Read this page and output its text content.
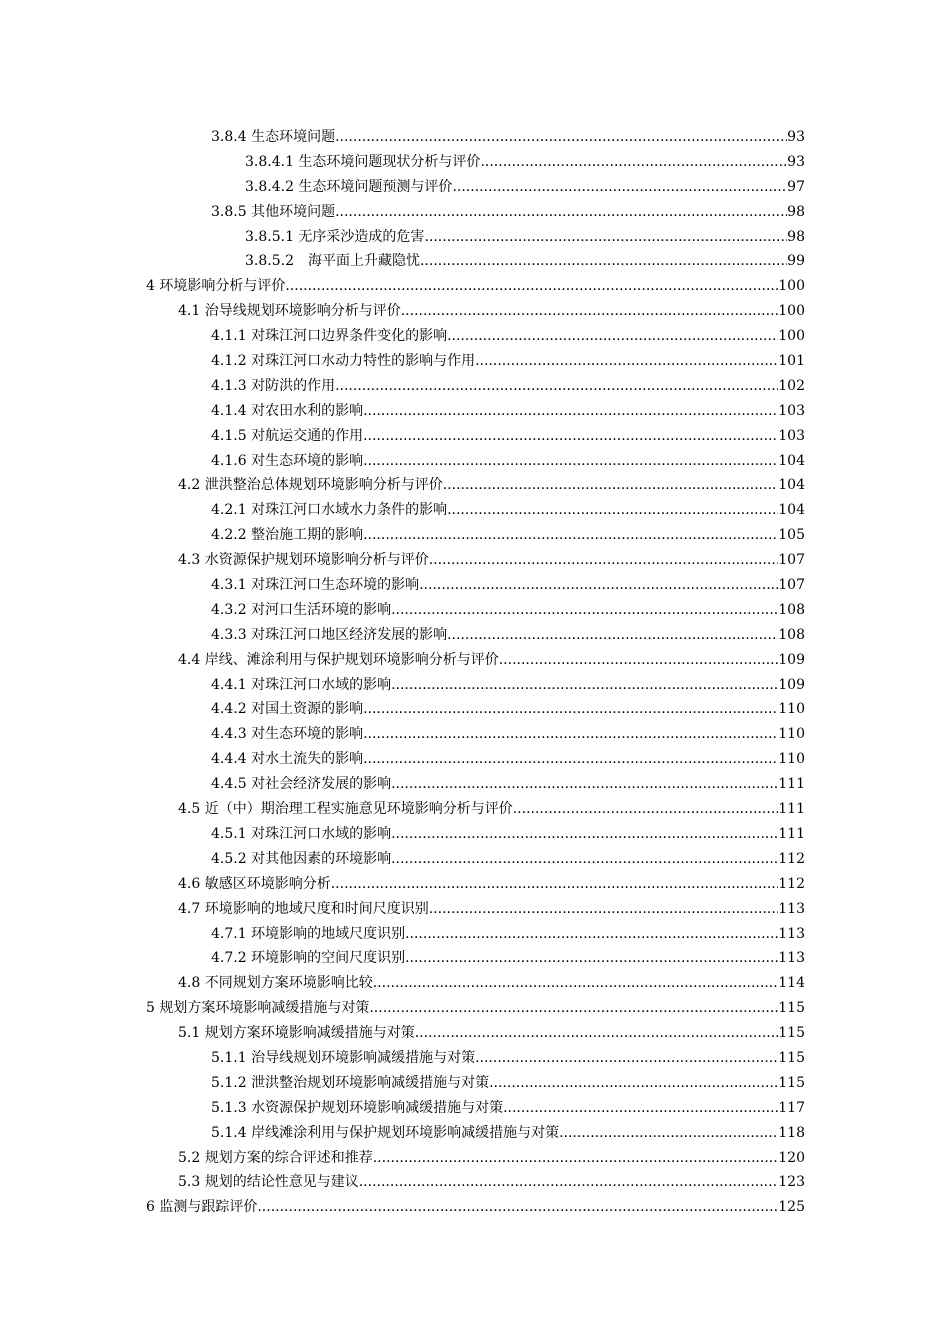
3.8.4 生态环境问题 .....	93
3.8.4.1 生态环境问题现状分析与评价 .....	93
3.8.4.2 生态环境问题预测与评价 .....	97
3.8.5 其他环境问题 .....	98
3.8.5.1 无序采沙造成的危害 .....	98
3.8.5.2　海平面上升藏隐忧 .....	99
4 环境影响分析与评价 .....	100
4.1 治导线规划环境影响分析与评价 .....	100
4.1.1 对珠江河口边界条件变化的影响 .....	100
4.1.2 对珠江河口水动力特性的影响与作用 .....	101
4.1.3 对防洪的作用 .....	102
4.1.4 对农田水利的影响 .....	103
4.1.5 对航运交通的作用 .....	103
4.1.6 对生态环境的影响 .....	104
4.2 泄洪整治总体规划环境影响分析与评价 .....	104
4.2.1 对珠江河口水域水力条件的影响 .....	104
4.2.2 整治施工期的影响 .....	105
4.3 水资源保护规划环境影响分析与评价 .....	107
4.3.1 对珠江河口生态环境的影响 .....	107
4.3.2 对河口生活环境的影响 .....	108
4.3.3 对珠江河口地区经济发展的影响 .....	108
4.4 岸线、滩涂利用与保护规划环境影响分析与评价 .....	109
4.4.1 对珠江河口水域的影响 .....	109
4.4.2 对国土资源的影响 .....	110
4.4.3 对生态环境的影响 .....	110
4.4.4 对水土流失的影响 .....	110
4.4.5 对社会经济发展的影响 .....	111
4.5 近（中）期治理工程实施意见环境影响分析与评价 .....	111
4.5.1 对珠江河口水域的影响 .....	111
4.5.2 对其他因素的环境影响 .....	112
4.6 敏感区环境影响分析 .....	112
4.7 环境影响的地域尺度和时间尺度识别 .....	113
4.7.1 环境影响的地域尺度识别 .....	113
4.7.2 环境影响的空间尺度识别 .....	113
4.8 不同规划方案环境影响比较 .....	114
5 规划方案环境影响减缓措施与对策 .....	115
5.1 规划方案环境影响减缓措施与对策 .....	115
5.1.1 治导线规划环境影响减缓措施与对策 .....	115
5.1.2 泄洪整治规划环境影响减缓措施与对策 .....	115
5.1.3 水资源保护规划环境影响减缓措施与对策 .....	117
5.1.4 岸线滩涂利用与保护规划环境影响减缓措施与对策 .....	118
5.2 规划方案的综合评述和推荐 .....	120
5.3 规划的结论性意见与建议 .....	123
6 监测与跟踪评价 .....	125
